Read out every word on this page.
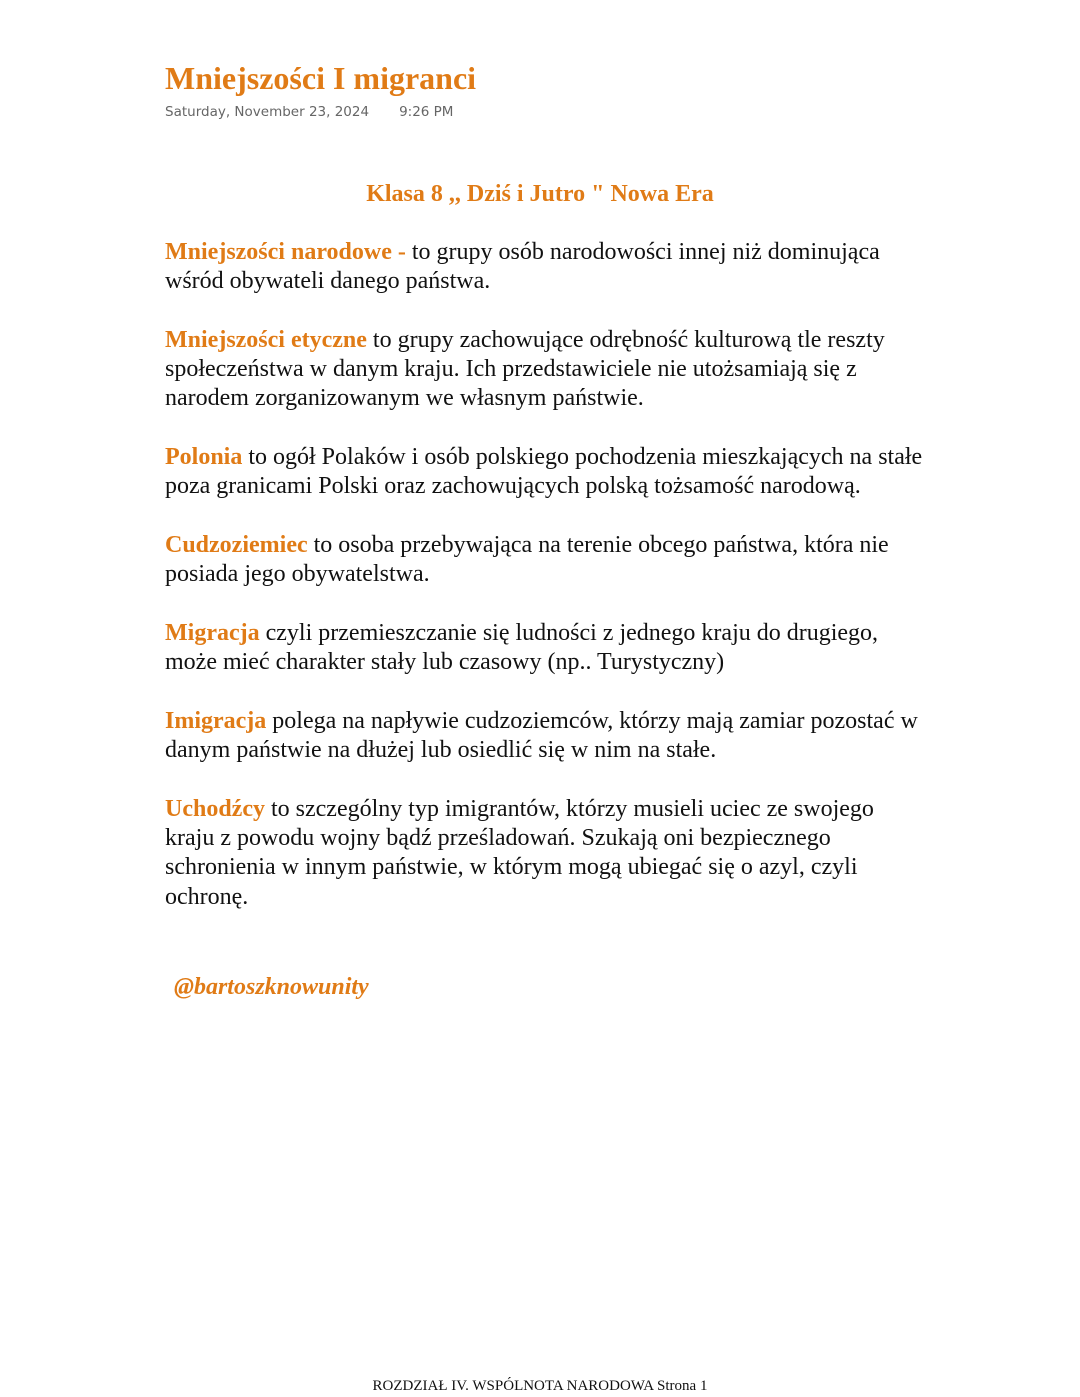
Mniejszości I migranci
Saturday, November 23, 2024 9:26 PM
Klasa 8 ,, Dziś i Jutro " Nowa Era

Mniejszości narodowe - to grupy osób narodowości innej niż dominująca wśród obywateli danego państwa.

Mniejszości etyczne to grupy zachowujące odrębność kulturową tle reszty społeczeństwa w danym kraju. Ich przedstawiciele nie utożsamiają się z narodem zorganizowanym we własnym państwie.

Polonia to ogół Polaków i osób polskiego pochodzenia mieszkających na stałe poza granicami Polski oraz zachowujących polską tożsamość narodową.

Cudzoziemiec to osoba przebywająca na terenie obcego państwa, która nie posiada jego obywatelstwa.

Migracja czyli przemieszczanie się ludności z jednego kraju do drugiego, może mieć charakter stały lub czasowy (np.. Turystyczny)

Imigracja polega na napływie cudzoziemców, którzy mają zamiar pozostać w danym państwie na dłużej lub osiedlić się w nim na stałe.

Uchodźcy to szczególny typ imigrantów, którzy musieli uciec ze swojego kraju z powodu wojny bądź prześladowań. Szukają oni bezpiecznego schronienia w innym państwie, w którym mogą ubiegać się o azyl, czyli ochronę.

@bartoszknowunity
ROZDZIAŁ IV. WSPÓLNOTA NARODOWA Strona 1
